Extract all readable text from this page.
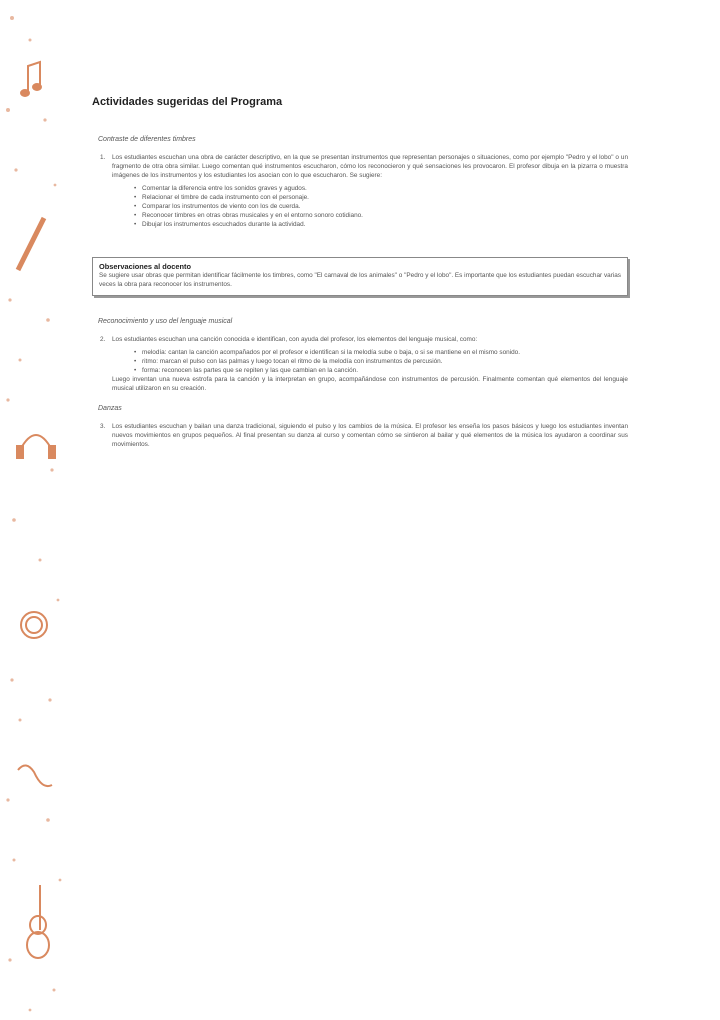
Actividades sugeridas del Programa
Contraste de diferentes timbres
1. Los estudiantes escuchan una obra de carácter descriptivo, en la que se presentan instrumentos que representan personajes o situaciones, como por ejemplo "Pedro y el lobo" o un fragmento de otra obra similar. Luego comentan qué instrumentos escucharon, cómo los reconocieron y qué sensaciones les provocaron. El profesor dibuja en la pizarra o muestra imágenes de los instrumentos y los estudiantes los asocian con lo que escucharon. Se sugiere:
• Comentar la diferencia entre los sonidos graves y agudos.
• Relacionar el timbre de cada instrumento con el personaje.
• Comparar los instrumentos de viento con los de cuerda.
• Reconocer timbres en otras obras musicales y en el entorno sonoro cotidiano.
• Dibujar los instrumentos escuchados durante la actividad.
Observaciones al docento
Se sugiere usar obras que permitan identificar fácilmente los timbres, como "El carnaval de los animales" o "Pedro y el lobo". Es importante que los estudiantes puedan escuchar varias veces la obra para reconocer los instrumentos.
Reconocimiento y uso del lenguaje musical
2. Los estudiantes escuchan una canción conocida e identifican, con ayuda del profesor, los elementos del lenguaje musical, como:
• melodía: cantan la canción acompañados por el profesor e identifican si la melodía sube o baja, o si se mantiene en el mismo sonido.
• ritmo: marcan el pulso con las palmas y luego tocan el ritmo de la melodía con instrumentos de percusión.
• forma: reconocen las partes que se repiten y las que cambian en la canción.
Luego inventan una nueva estrofa para la canción y la interpretan en grupo, acompañándose con instrumentos de percusión. Finalmente comentan qué elementos del lenguaje musical utilizaron en su creación.
Danzas
3. Los estudiantes escuchan y bailan una danza tradicional, siguiendo el pulso y los cambios de la música. El profesor les enseña los pasos básicos y luego los estudiantes inventan nuevos movimientos en grupos pequeños. Al final presentan su danza al curso y comentan cómo se sintieron al bailar y qué elementos de la música los ayudaron a coordinar sus movimientos.
